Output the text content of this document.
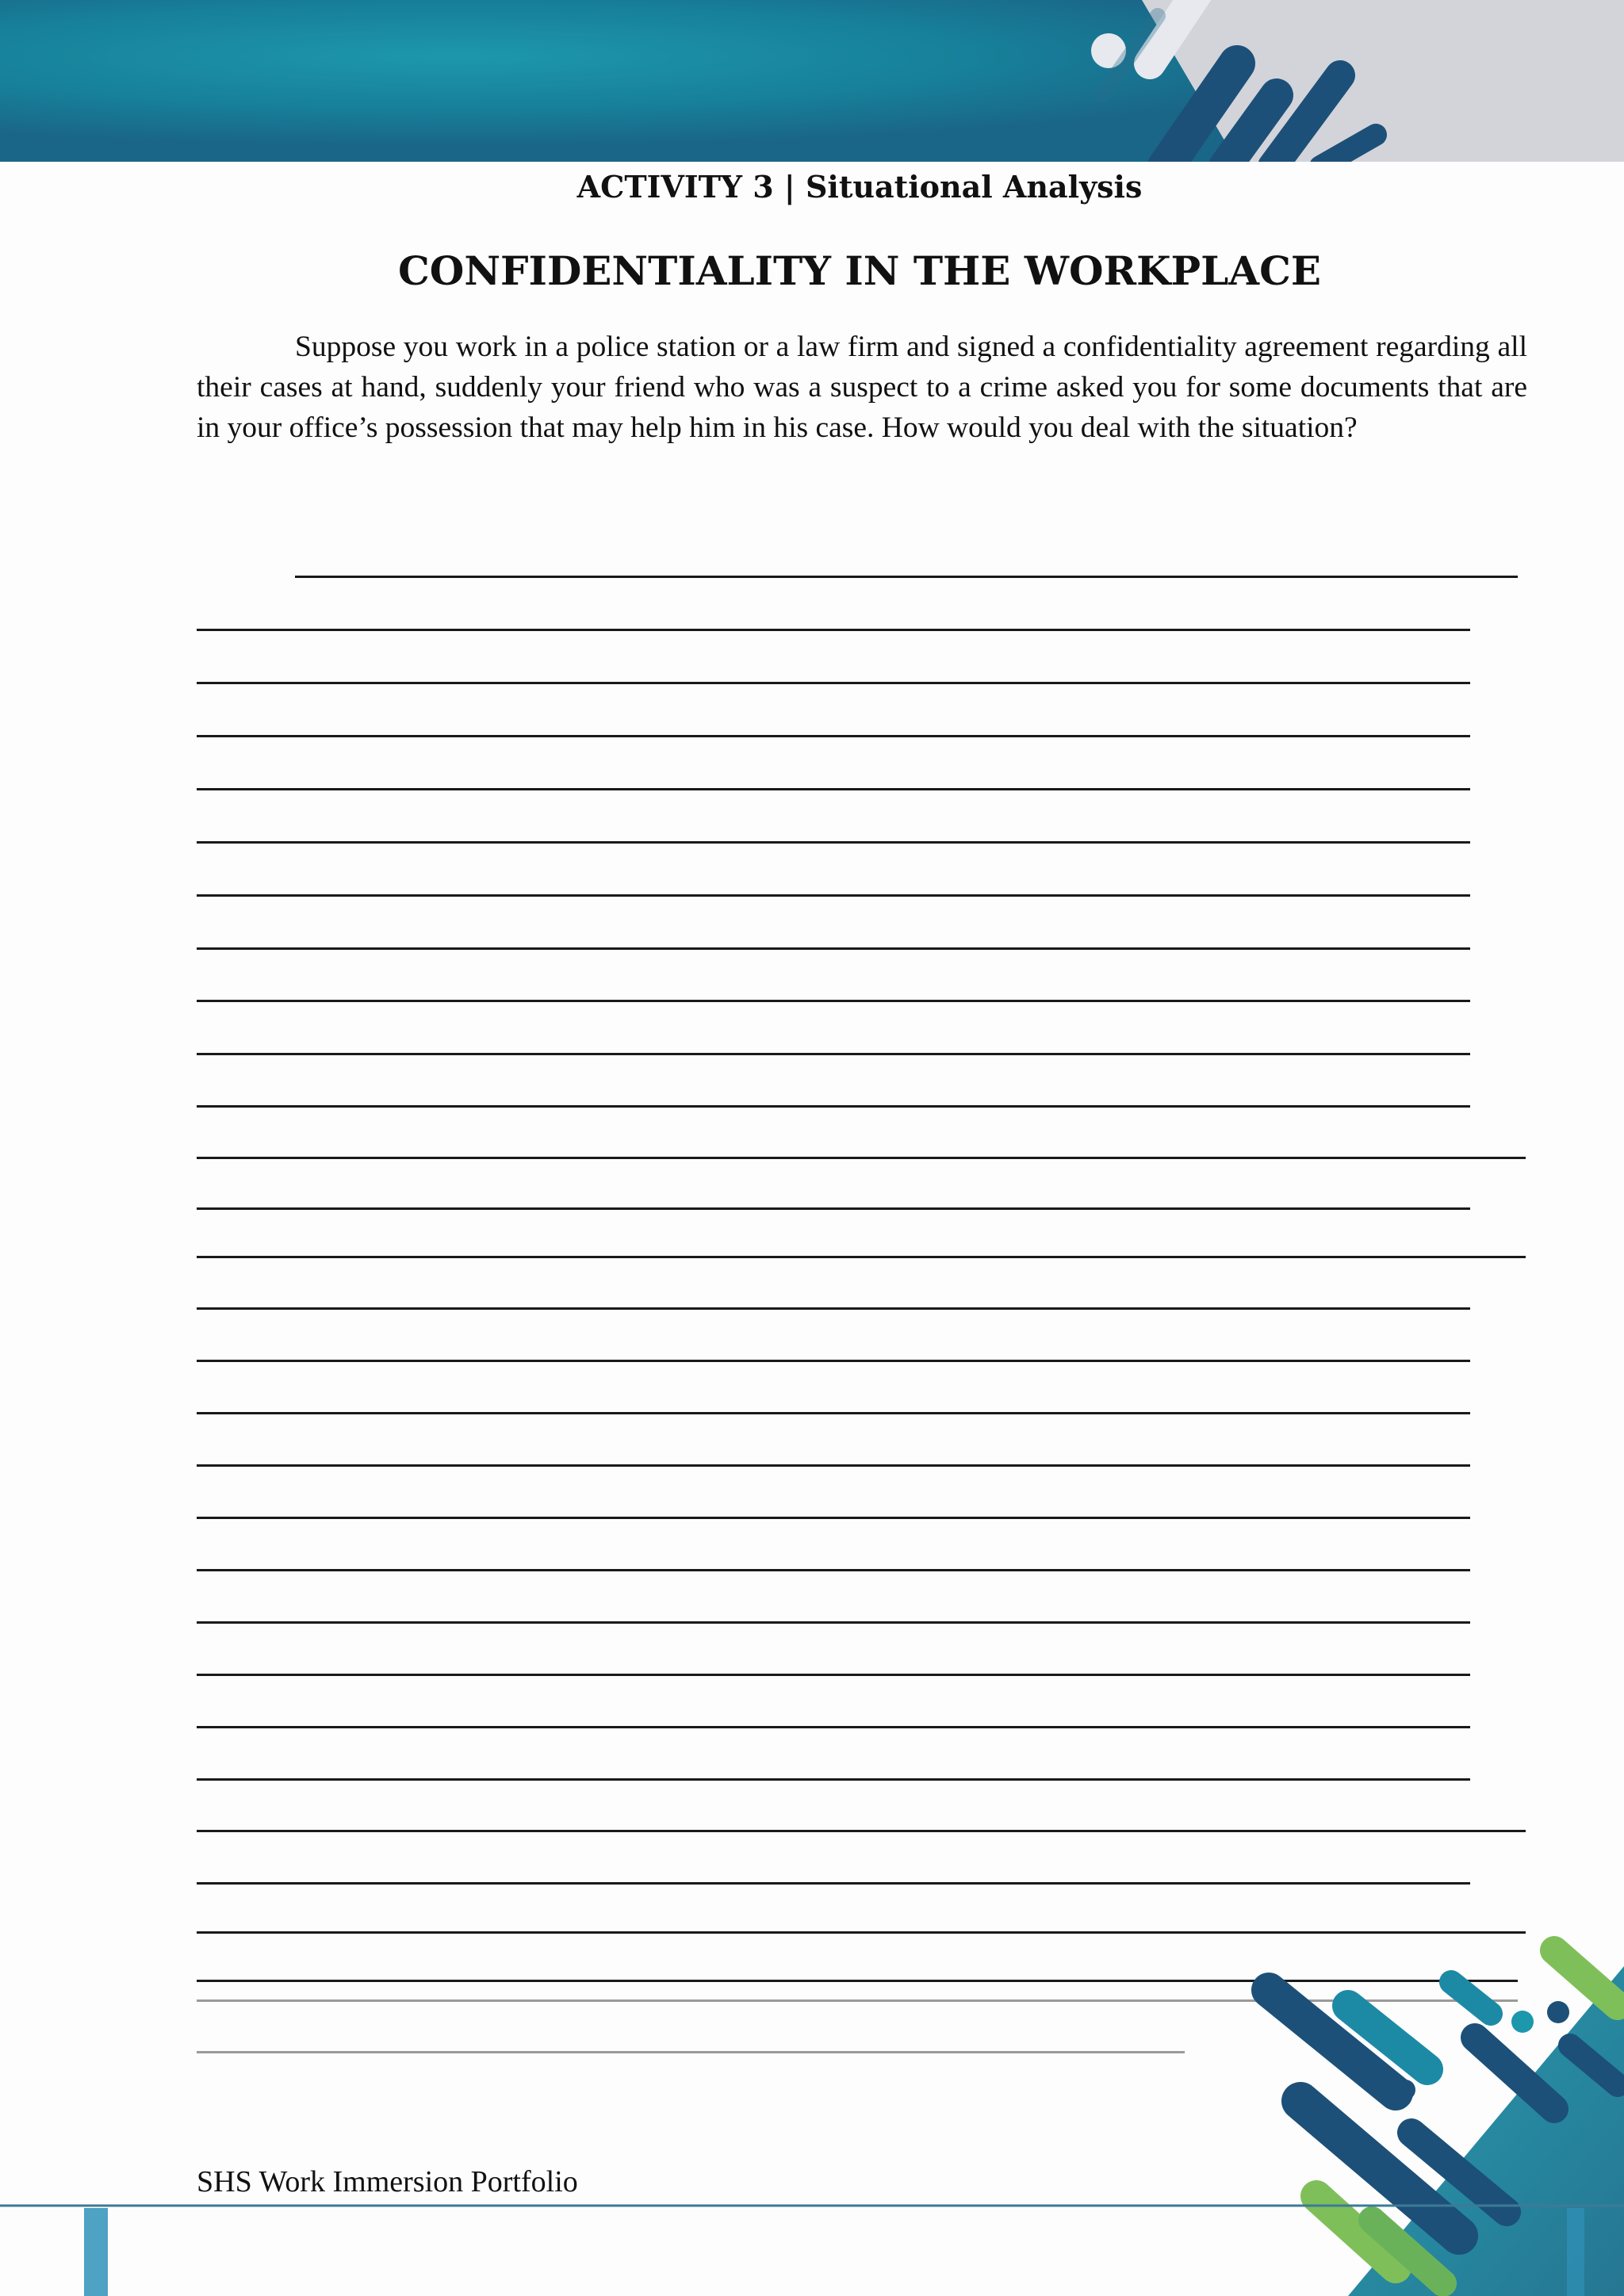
ACTIVITY 3 | Situational Analysis
CONFIDENTIALITY IN THE WORKPLACE

Suppose you work in a police station or a law firm and signed a confidentiality agreement regarding all their cases at hand, suddenly your friend who was a suspect to a crime asked you for some documents that are in your office’s possession that may help him in his case. How would you deal with the situation?

SHS Work Immersion Portfolio
